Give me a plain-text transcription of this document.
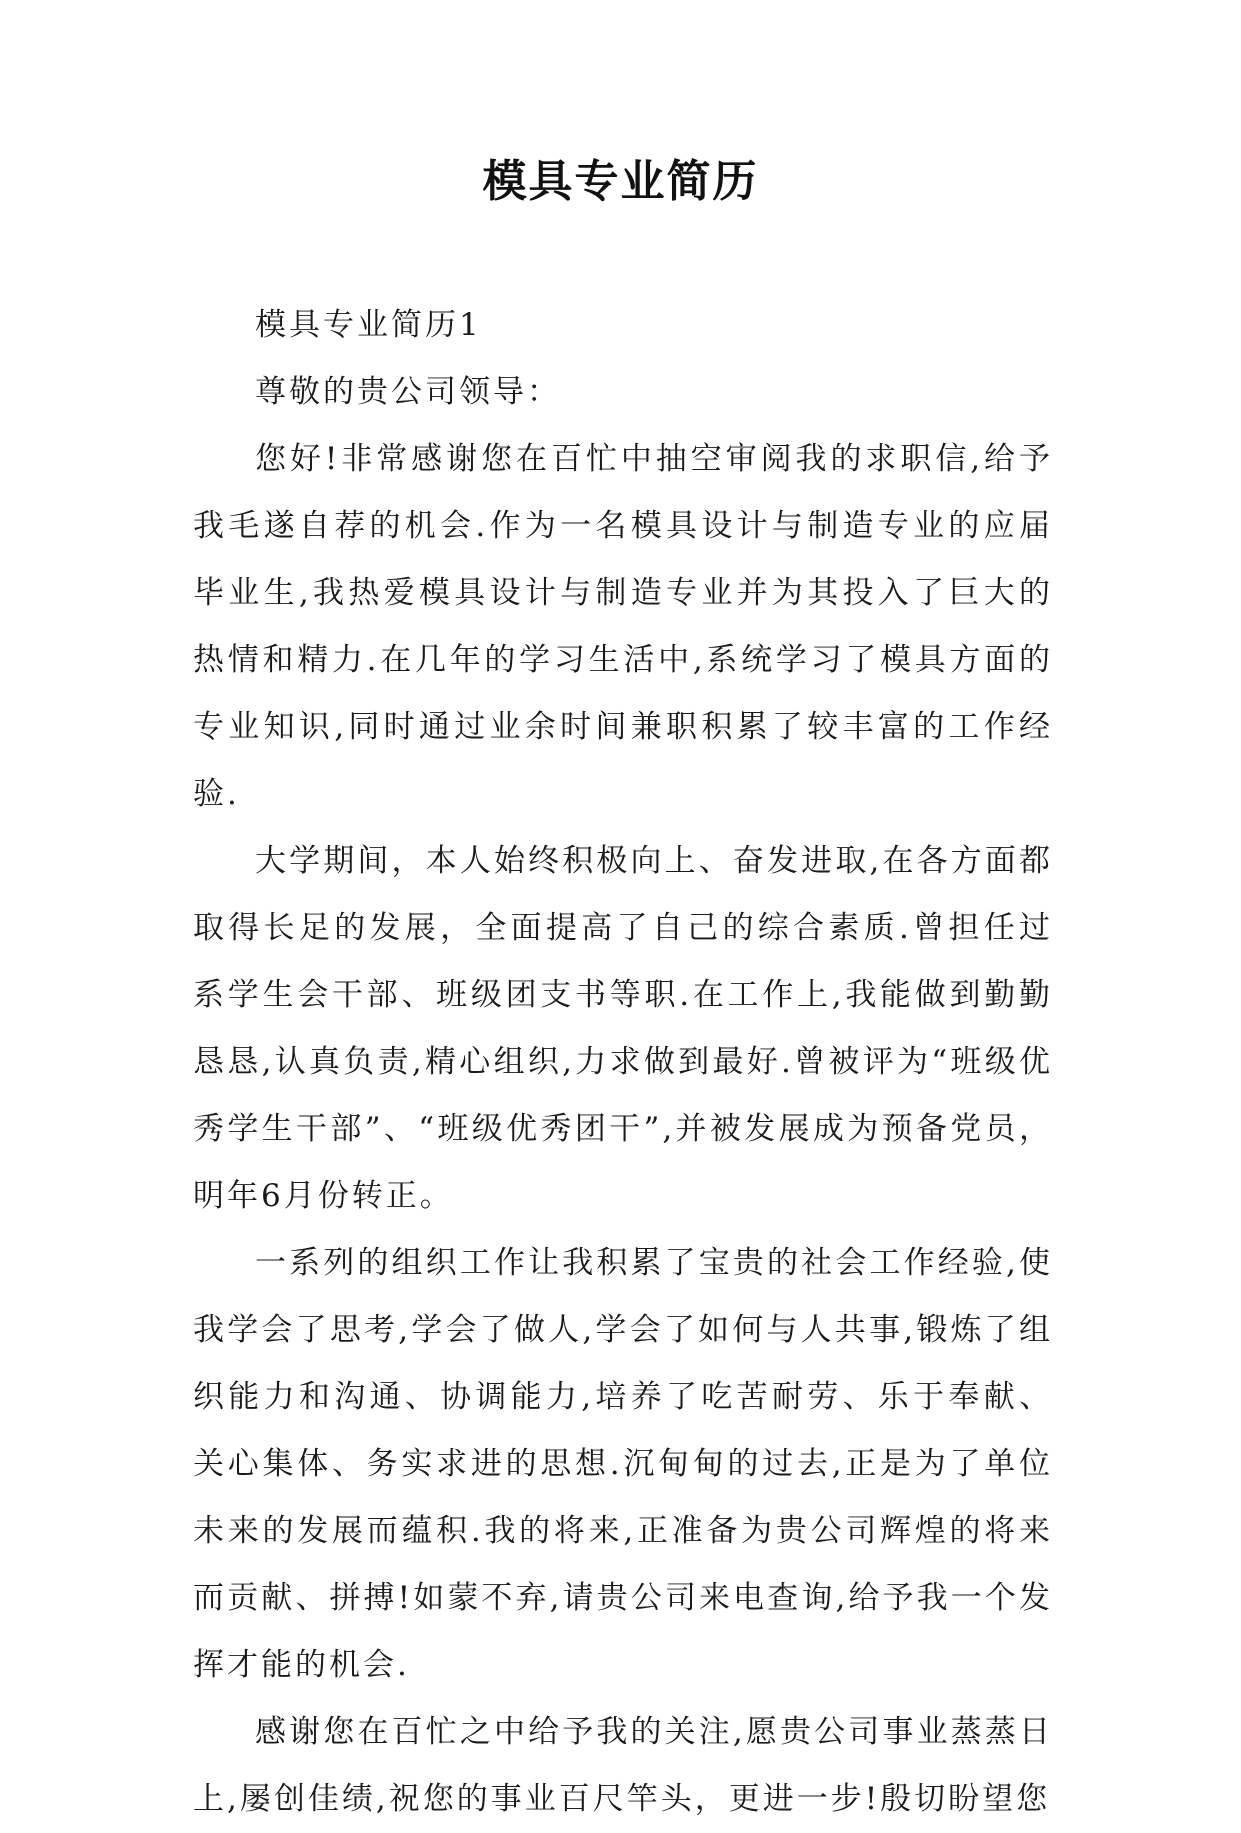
模具专业简历

模具专业简历1

尊敬的贵公司领导：

您好!非常感谢您在百忙中抽空审阅我的求职信,给予我毛遂自荐的机会.作为一名模具设计与制造专业的应届毕业生,我热爱模具设计与制造专业并为其投入了巨大的热情和精力.在几年的学习生活中,系统学习了模具方面的专业知识,同时通过业余时间兼职积累了较丰富的工作经验.

大学期间，本人始终积极向上、奋发进取,在各方面都取得长足的发展，全面提高了自己的综合素质.曾担任过系学生会干部、班级团支书等职.在工作上,我能做到勤勤恳恳,认真负责,精心组织,力求做到最好.曾被评为“班级优秀学生干部”、“班级优秀团干”,并被发展成为预备党员，明年6月份转正。

一系列的组织工作让我积累了宝贵的社会工作经验,使我学会了思考,学会了做人,学会了如何与人共事,锻炼了组织能力和沟通、协调能力,培养了吃苦耐劳、乐于奉献、关心集体、务实求进的思想.沉甸甸的过去,正是为了单位未来的发展而蕴积.我的将来,正准备为贵公司辉煌的将来而贡献、拼搏!如蒙不弃,请贵公司来电查询,给予我一个发挥才能的机会.

感谢您在百忙之中给予我的关注,愿贵公司事业蒸蒸日上,屡创佳绩,祝您的事业百尺竿头，更进一步!殷切盼望您
